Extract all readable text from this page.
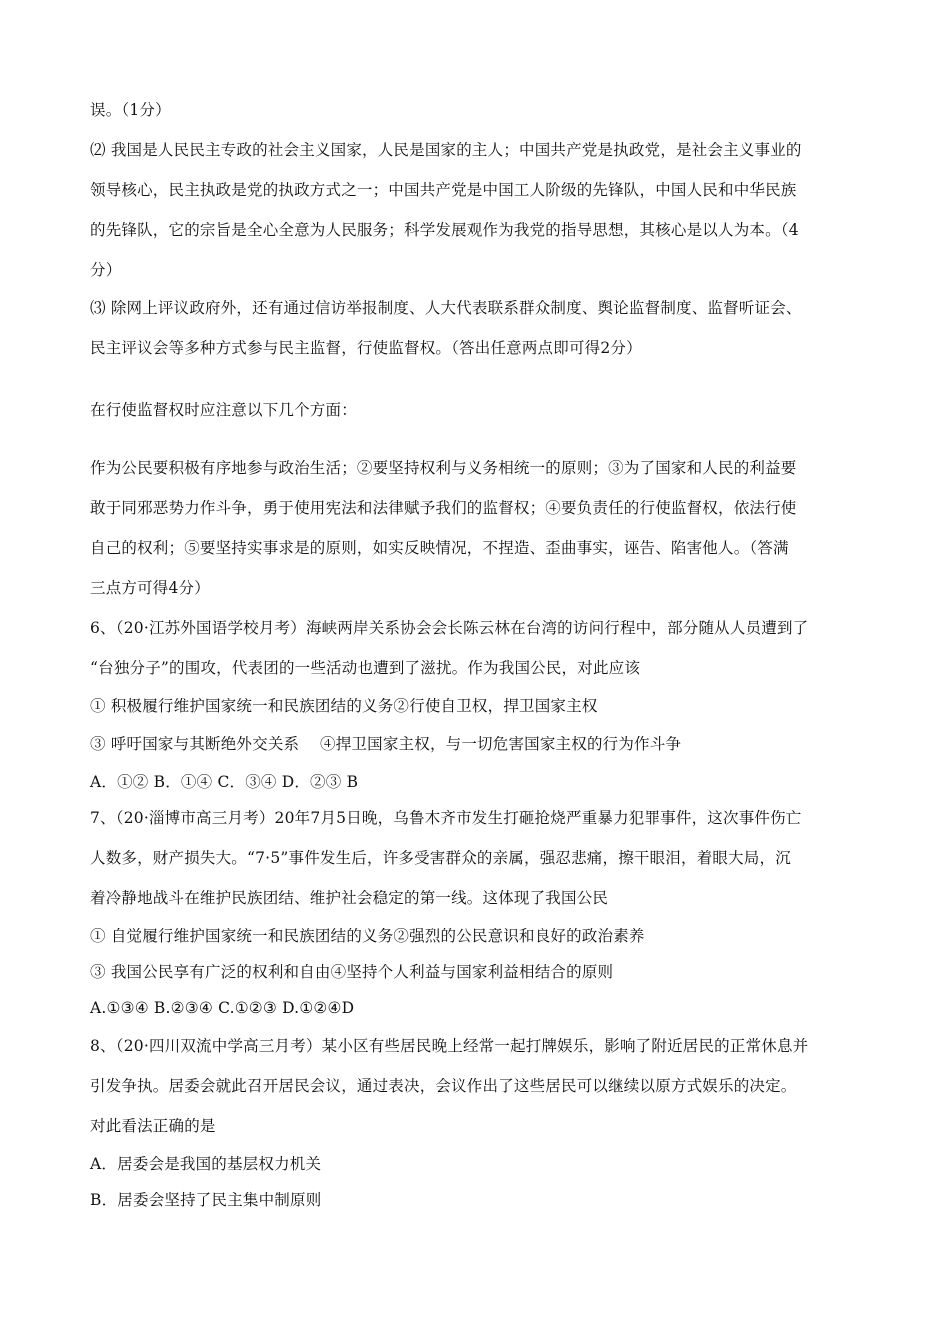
误。（1分）
⑵ 我国是人民民主专政的社会主义国家，人民是国家的主人；中国共产党是执政党，是社会主义事业的
领导核心，民主执政是党的执政方式之一；中国共产党是中国工人阶级的先锋队，中国人民和中华民族
的先锋队，它的宗旨是全心全意为人民服务；科学发展观作为我党的指导思想，其核心是以人为本。（4
分）
⑶ 除网上评议政府外，还有通过信访举报制度、人大代表联系群众制度、舆论监督制度、监督听证会、
民主评议会等多种方式参与民主监督，行使监督权。（答出任意两点即可得2分）
在行使监督权时应注意以下几个方面：
作为公民要积极有序地参与政治生活；②要坚持权利与义务相统一的原则；③为了国家和人民的利益要
敢于同邪恶势力作斗争，勇于使用宪法和法律赋予我们的监督权；④要负责任的行使监督权，依法行使
自己的权利；⑤要坚持实事求是的原则，如实反映情况，不捏造、歪曲事实，诬告、陷害他人。（答满
三点方可得4分）
6、（20·江苏外国语学校月考）海峡两岸关系协会会长陈云林在台湾的访问行程中，部分随从人员遭到了
“台独分子”的围攻，代表团的一些活动也遭到了滋扰。作为我国公民，对此应该
① 积极履行维护国家统一和民族团结的义务②行使自卫权，捍卫国家主权
③ 呼吁国家与其断绝外交关系　 ④捍卫国家主权，与一切危害国家主权的行为作斗争
A．①② B．①④ C．③④ D．②③ B
7、（20·淄博市高三月考）20年7月5日晚，乌鲁木齐市发生打砸抢烧严重暴力犯罪事件，这次事件伤亡
人数多，财产损失大。“7·5”事件发生后，许多受害群众的亲属，强忍悲痛，擦干眼泪，着眼大局，沉
着冷静地战斗在维护民族团结、维护社会稳定的第一线。这体现了我国公民
① 自觉履行维护国家统一和民族团结的义务②强烈的公民意识和良好的政治素养
③ 我国公民享有广泛的权利和自由④坚持个人利益与国家利益相结合的原则
A.①③④ B.②③④ C.①②③ D.①②④D
8、（20·四川双流中学高三月考）某小区有些居民晚上经常一起打牌娱乐，影响了附近居民的正常休息并
引发争执。居委会就此召开居民会议，通过表决，会议作出了这些居民可以继续以原方式娱乐的决定。
对此看法正确的是
A．居委会是我国的基层权力机关
B．居委会坚持了民主集中制原则
